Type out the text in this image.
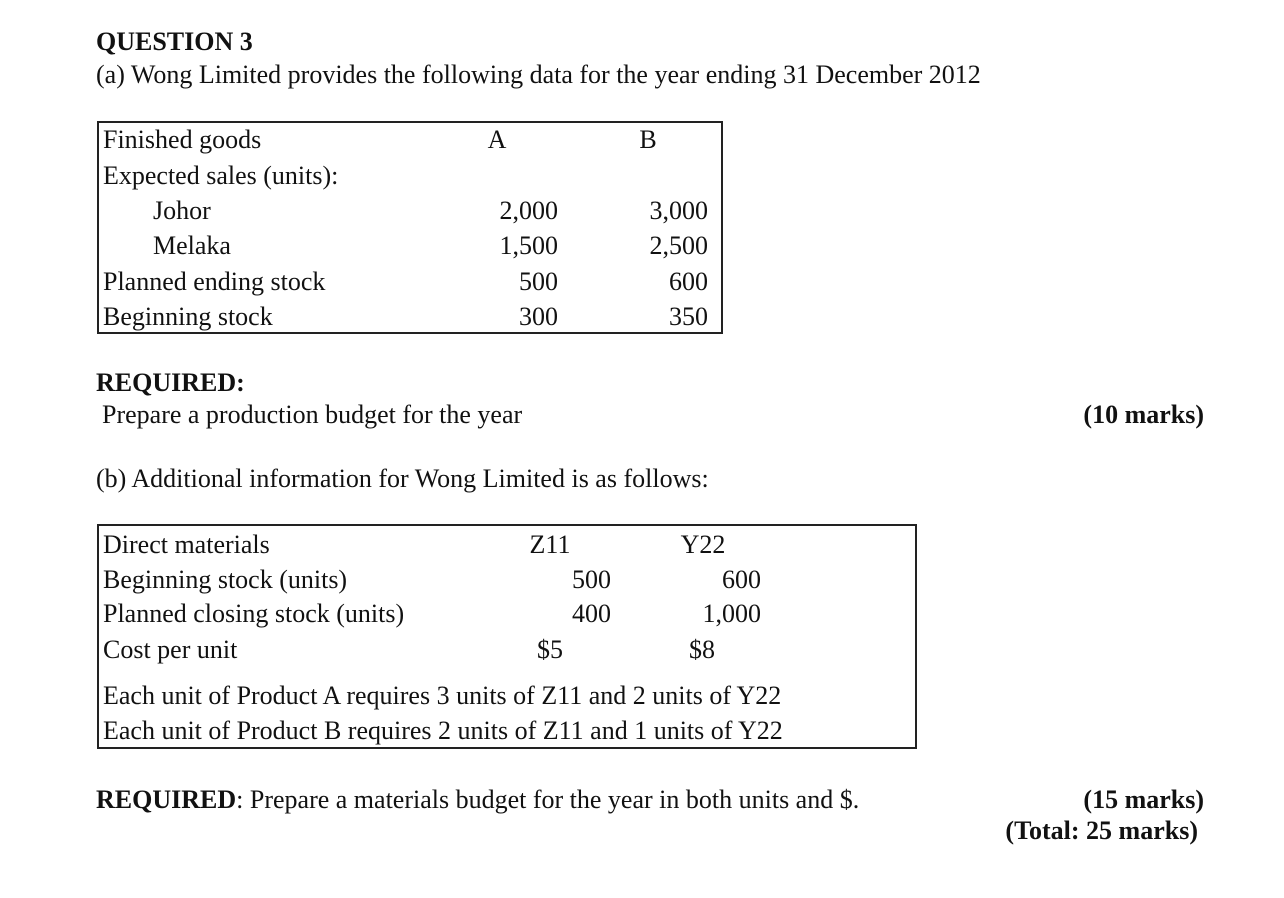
QUESTION 3
(a) Wong Limited provides the following data for the year ending 31 December 2012
Finished goods	A	B
Expected sales (units):
Johor	2,000	3,000
Melaka	1,500	2,500
Planned ending stock	500	600
Beginning stock	300	350
REQUIRED:
Prepare a production budget for the year	(10 marks)
(b) Additional information for Wong Limited is as follows:
Direct materials	Z11	Y22
Beginning stock (units)	500	600
Planned closing stock (units)	400	1,000
Cost per unit	$5	$8
Each unit of Product A requires 3 units of Z11 and 2 units of Y22
Each unit of Product B requires 2 units of Z11 and 1 units of Y22
REQUIRED: Prepare a materials budget for the year in both units and $.	(15 marks)
(Total: 25 marks)
